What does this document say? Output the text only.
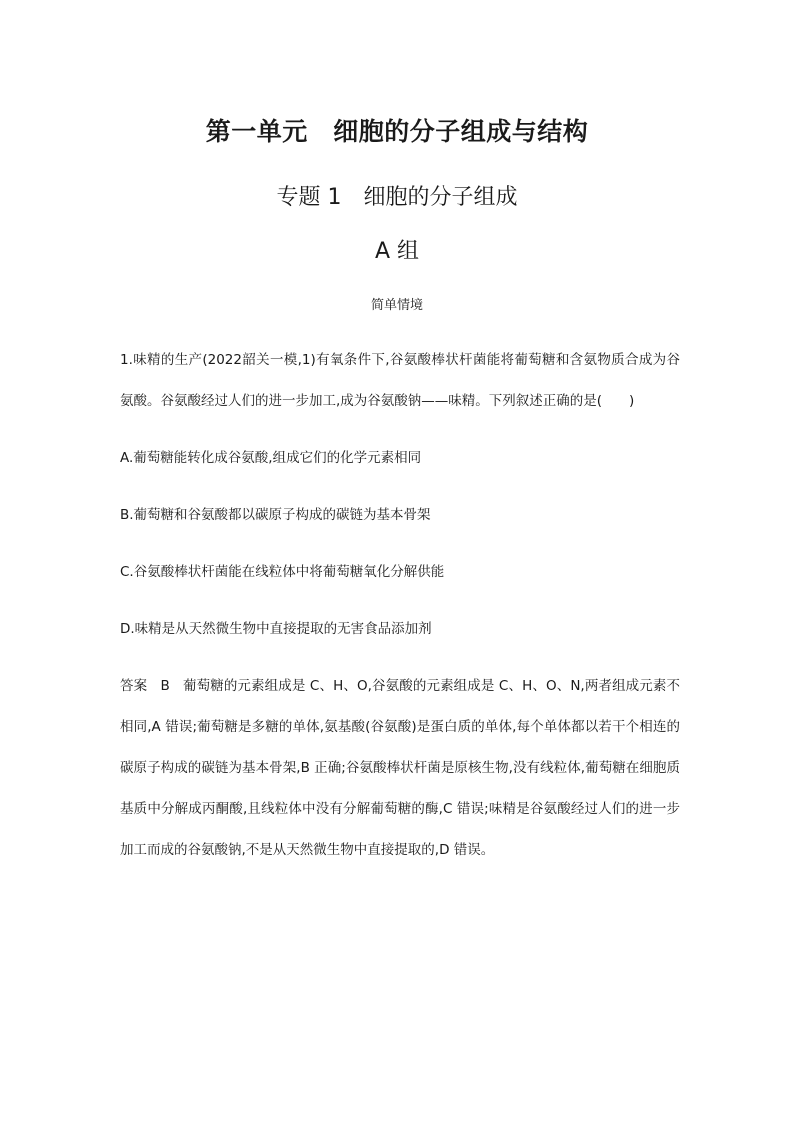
第一单元　细胞的分子组成与结构
专题 1　细胞的分子组成
A 组
简单情境

1.味精的生产(2022韶关一模,1)有氧条件下,谷氨酸棒状杆菌能将葡萄糖和含氨物质合成为谷氨酸。谷氨酸经过人们的进一步加工,成为谷氨酸钠——味精。下列叙述正确的是(　　)

A.葡萄糖能转化成谷氨酸,组成它们的化学元素相同

B.葡萄糖和谷氨酸都以碳原子构成的碳链为基本骨架

C.谷氨酸棒状杆菌能在线粒体中将葡萄糖氧化分解供能

D.味精是从天然微生物中直接提取的无害食品添加剂

答案 B 葡萄糖的元素组成是 C、H、O,谷氨酸的元素组成是 C、H、O、N,两者组成元素不相同,A 错误;葡萄糖是多糖的单体,氨基酸(谷氨酸)是蛋白质的单体,每个单体都以若干个相连的碳原子构成的碳链为基本骨架,B 正确;谷氨酸棒状杆菌是原核生物,没有线粒体,葡萄糖在细胞质基质中分解成丙酮酸,且线粒体中没有分解葡萄糖的酶,C 错误;味精是谷氨酸经过人们的进一步加工而成的谷氨酸钠,不是从天然微生物中直接提取的,D 错误。
